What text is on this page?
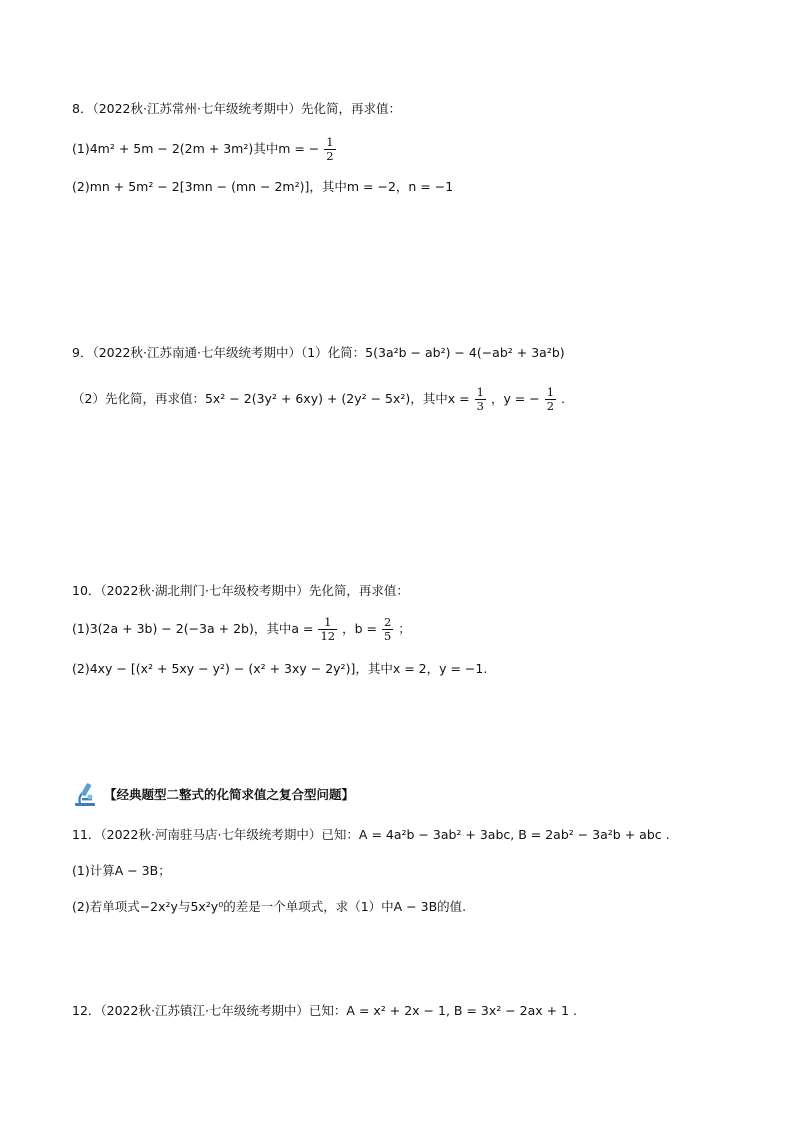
8．（2022秋·江苏常州·七年级统考期中）先化简，再求值：
(1)4m² + 5m − 2(2m + 3m²)其中m = − $\frac{1}{2}$
(2)mn + 5m² − 2[3mn − (mn − 2m²)]，其中m = −2，n = −1
9．（2022秋·江苏南通·七年级统考期中）（1）化简：5(3a²b − ab²) − 4(−ab² + 3a²b)
（2）先化简，再求值：5x² − 2(3y² + 6xy) + (2y² − 5x²)，其中$x = \frac{1}{3}$ ，y = − $\frac{1}{2}$ .
10．（2022秋·湖北荆门·七年级校考期中）先化简，再求值：
(1)3(2a + 3b) − 2(−3a + 2b)，其中$a = \frac{1}{12}$ ，$b = \frac{2}{5}$ ；
(2)4xy − [(x² + 5xy − y²) − (x² + 3xy − 2y²)]，其中x = 2，y = −1.
【经典题型二整式的化简求值之复合型问题】
11．（2022秋·河南驻马店·七年级统考期中）已知：A = 4a²b − 3ab² + 3abc, B = 2ab² − 3a²b + abc .
(1)计算A − 3B；
(2)若单项式−2x²y与5x²y⁰的差是一个单项式，求（1）中A − 3B的值.
12．（2022秋·江苏镇江·七年级统考期中）已知：A = x² + 2x − 1, B = 3x² − 2ax + 1 .
